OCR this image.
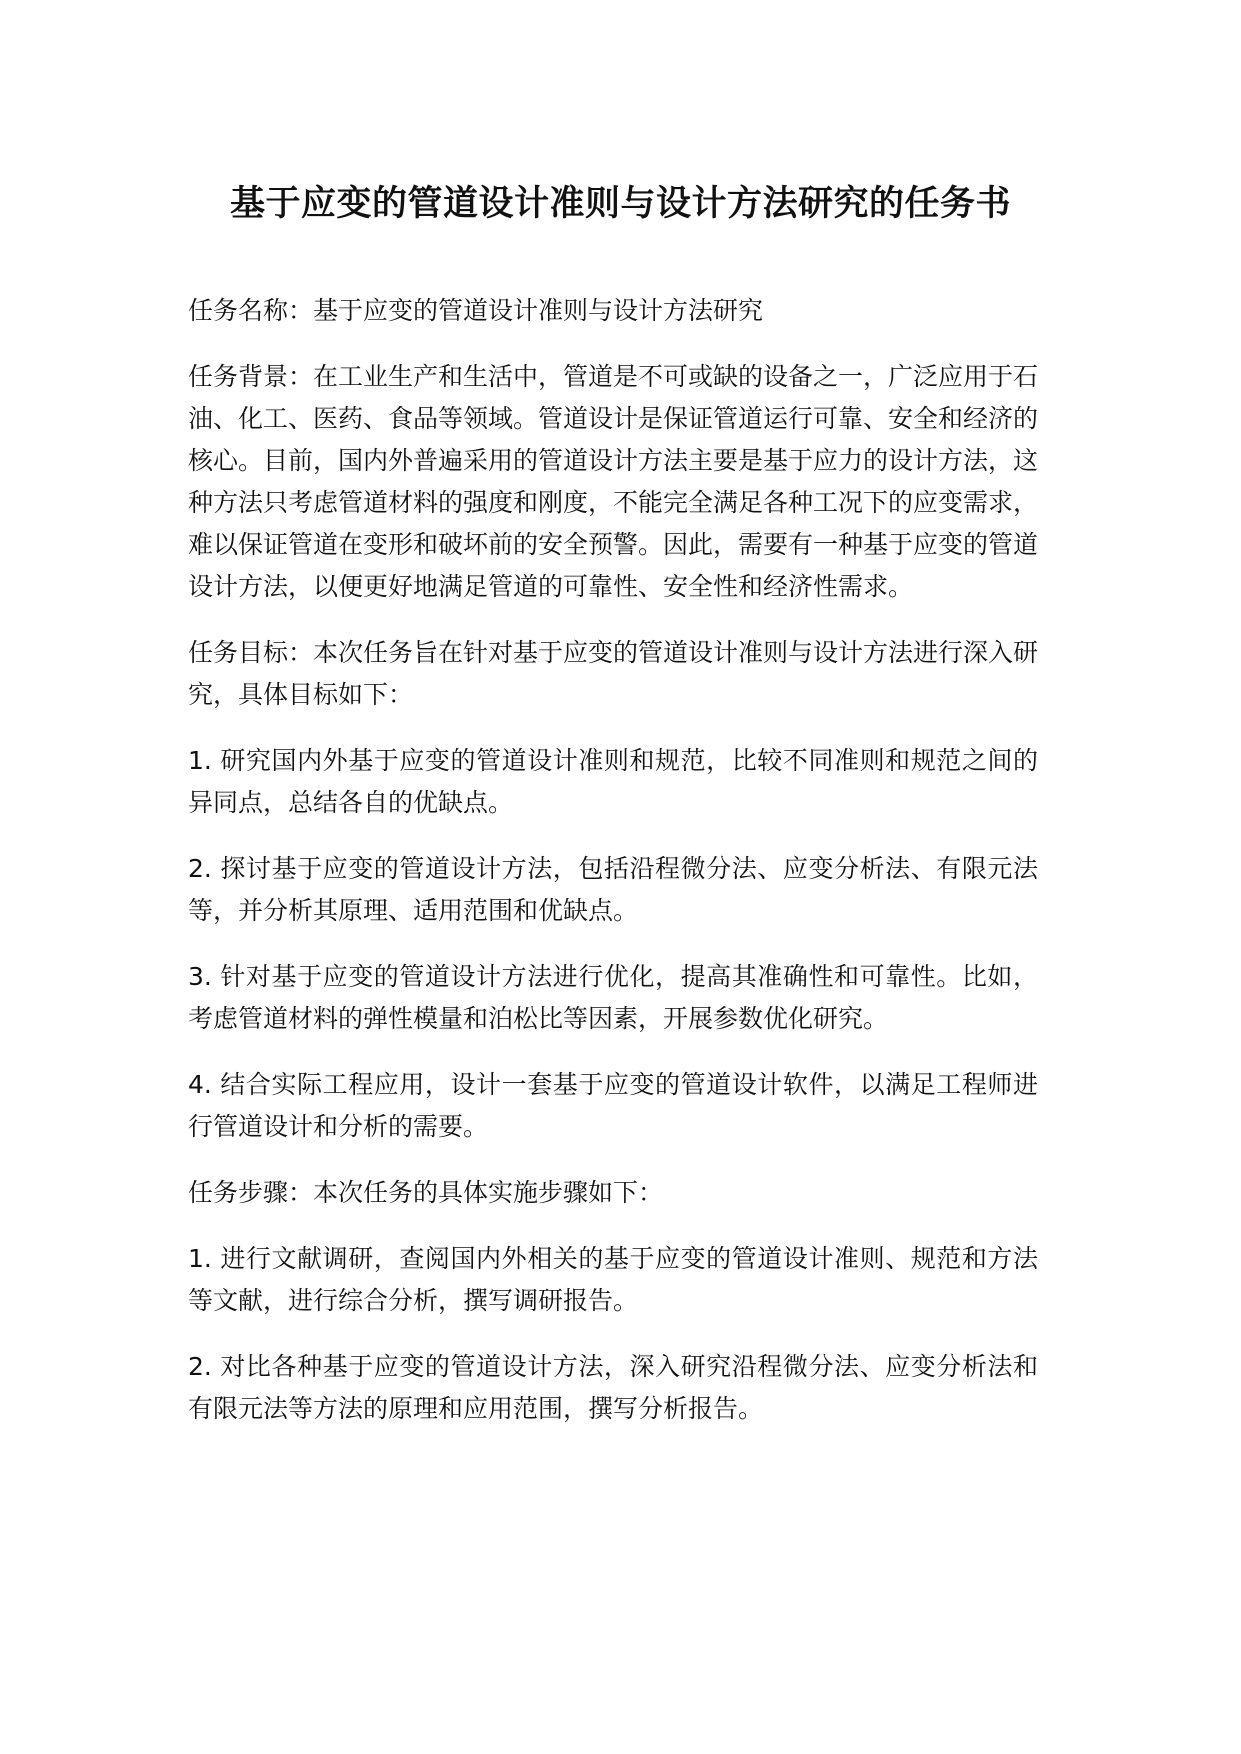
基于应变的管道设计准则与设计方法研究的任务书

任务名称：基于应变的管道设计准则与设计方法研究

任务背景：在工业生产和生活中，管道是不可或缺的设备之一，广泛应用于石油、化工、医药、食品等领域。管道设计是保证管道运行可靠、安全和经济的核心。目前，国内外普遍采用的管道设计方法主要是基于应力的设计方法，这种方法只考虑管道材料的强度和刚度，不能完全满足各种工况下的应变需求，难以保证管道在变形和破坏前的安全预警。因此，需要有一种基于应变的管道设计方法，以便更好地满足管道的可靠性、安全性和经济性需求。

任务目标：本次任务旨在针对基于应变的管道设计准则与设计方法进行深入研究，具体目标如下：

1. 研究国内外基于应变的管道设计准则和规范，比较不同准则和规范之间的异同点，总结各自的优缺点。

2. 探讨基于应变的管道设计方法，包括沿程微分法、应变分析法、有限元法等，并分析其原理、适用范围和优缺点。

3. 针对基于应变的管道设计方法进行优化，提高其准确性和可靠性。比如，考虑管道材料的弹性模量和泊松比等因素，开展参数优化研究。

4. 结合实际工程应用，设计一套基于应变的管道设计软件，以满足工程师进行管道设计和分析的需要。

任务步骤：本次任务的具体实施步骤如下：

1. 进行文献调研，查阅国内外相关的基于应变的管道设计准则、规范和方法等文献，进行综合分析，撰写调研报告。

2. 对比各种基于应变的管道设计方法，深入研究沿程微分法、应变分析法和有限元法等方法的原理和应用范围，撰写分析报告。
